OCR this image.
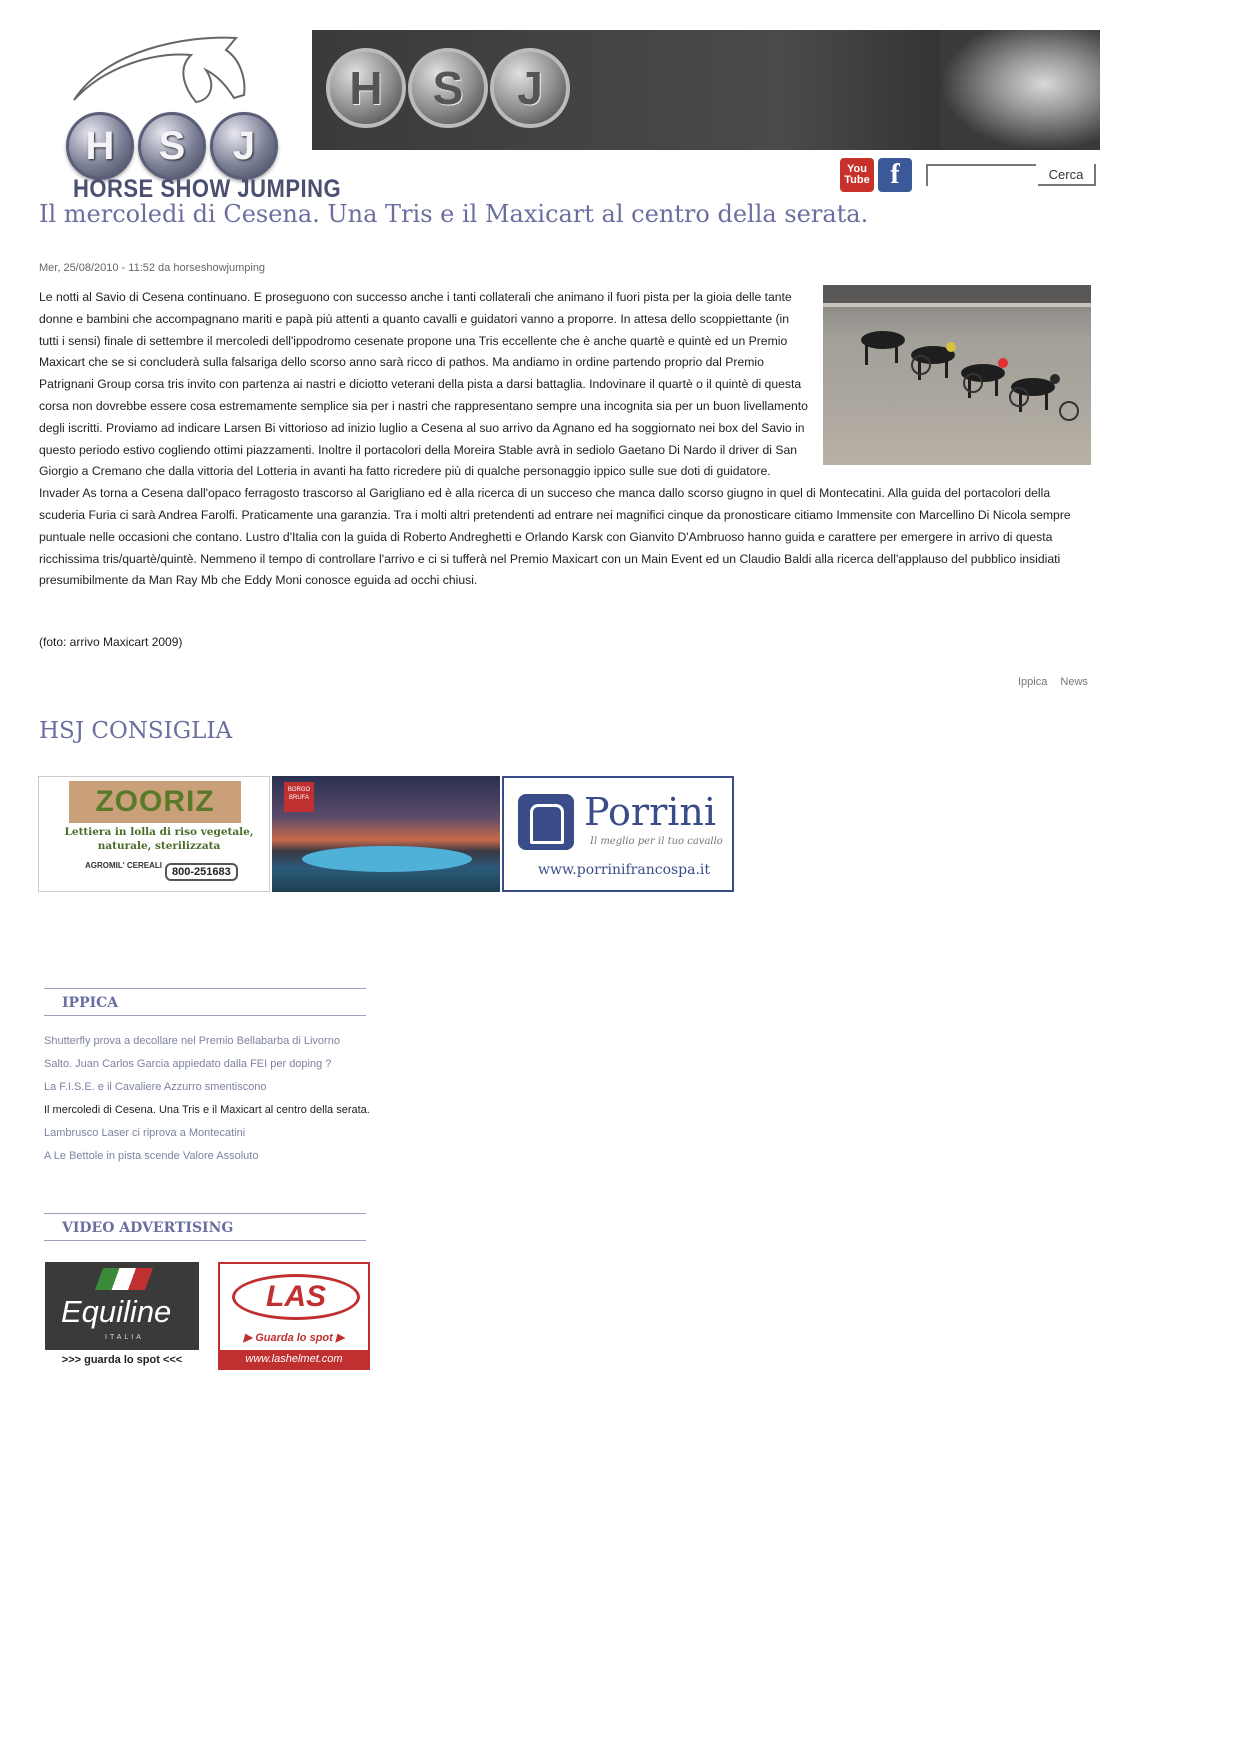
H	S	J
HORSE SHOW JUMPING
H	S	J
You Tube f	Cerca
Il mercoledi di Cesena. Una Tris e il Maxicart al centro della serata.
Mer, 25/08/2010 - 11:52 da horseshowjumping

Le notti al Savio di Cesena continuano. E proseguono con successo anche i tanti collaterali che animano il fuori pista per la gioia delle tante donne e bambini che accompagnano mariti e papà più attenti a quanto cavalli e guidatori vanno a proporre. In attesa dello scoppiettante (in tutti i sensi) finale di settembre il mercoledi dell'ippodromo cesenate propone una Tris eccellente che è anche quartè e quintè ed un Premio Maxicart che se si concluderà sulla falsariga dello scorso anno sarà ricco di pathos. Ma andiamo in ordine partendo proprio dal Premio Patrignani Group corsa tris invito con partenza ai nastri e diciotto veterani della pista a darsi battaglia. Indovinare il quartè o il quintè di questa corsa non dovrebbe essere cosa estremamente semplice sia per i nastri che rappresentano sempre una incognita sia per un buon livellamento degli iscritti. Proviamo ad indicare Larsen Bi vittorioso ad inizio luglio a Cesena al suo arrivo da Agnano ed ha soggiornato nei box del Savio in questo periodo estivo cogliendo ottimi piazzamenti. Inoltre il portacolori della Moreira Stable avrà in sediolo Gaetano Di Nardo il driver di San Giorgio a Cremano che dalla vittoria del Lotteria in avanti ha fatto ricredere più di qualche personaggio ippico sulle sue doti di guidatore. Invader As torna a Cesena dall'opaco ferragosto trascorso al Garigliano ed è alla ricerca di un succeso che manca dallo scorso giugno in quel di Montecatini. Alla guida del portacolori della scuderia Furia ci sarà Andrea Farolfi. Praticamente una garanzia. Tra i molti altri pretendenti ad entrare nei magnifici cinque da pronosticare citiamo Immensite con Marcellino Di Nicola sempre puntuale nelle occasioni che contano. Lustro d'Italia con la guida di Roberto Andreghetti e Orlando Karsk con Gianvito D'Ambruoso hanno guida e carattere per emergere in arrivo di questa ricchissima tris/quartè/quintè. Nemmeno il tempo di controllare l'arrivo e ci si tufferà nel Premio Maxicart con un Main Event ed un Claudio Baldi alla ricerca dell'applauso del pubblico insidiati presumibilmente da Man Ray Mb che Eddy Moni conosce eguida ad occhi chiusi.

(foto: arrivo Maxicart 2009)
Ippica News
HSJ CONSIGLIA
ZOORIZ
Lettiera in lolla di riso vegetale, naturale, sterilizzata
AGROMIL' CEREALI
800-251683
BORGO BRUFA	Porrini
Il meglio per il tuo cavallo
www.porrinifrancospa.it
IPPICA
Shutterfly prova a decollare nel Premio Bellabarba di Livorno
Salto. Juan Carlos Garcia appiedato dalla FEI per doping ?
La F.I.S.E. e il Cavaliere Azzurro smentiscono
Il mercoledi di Cesena. Una Tris e il Maxicart al centro della serata.
Lambrusco Laser ci riprova a Montecatini
A Le Bettole in pista scende Valore Assoluto
VIDEO ADVERTISING
Equiline
ITALIA
>>> guarda lo spot <<<
LAS
▶ Guarda lo spot ▶
www.lashelmet.com
